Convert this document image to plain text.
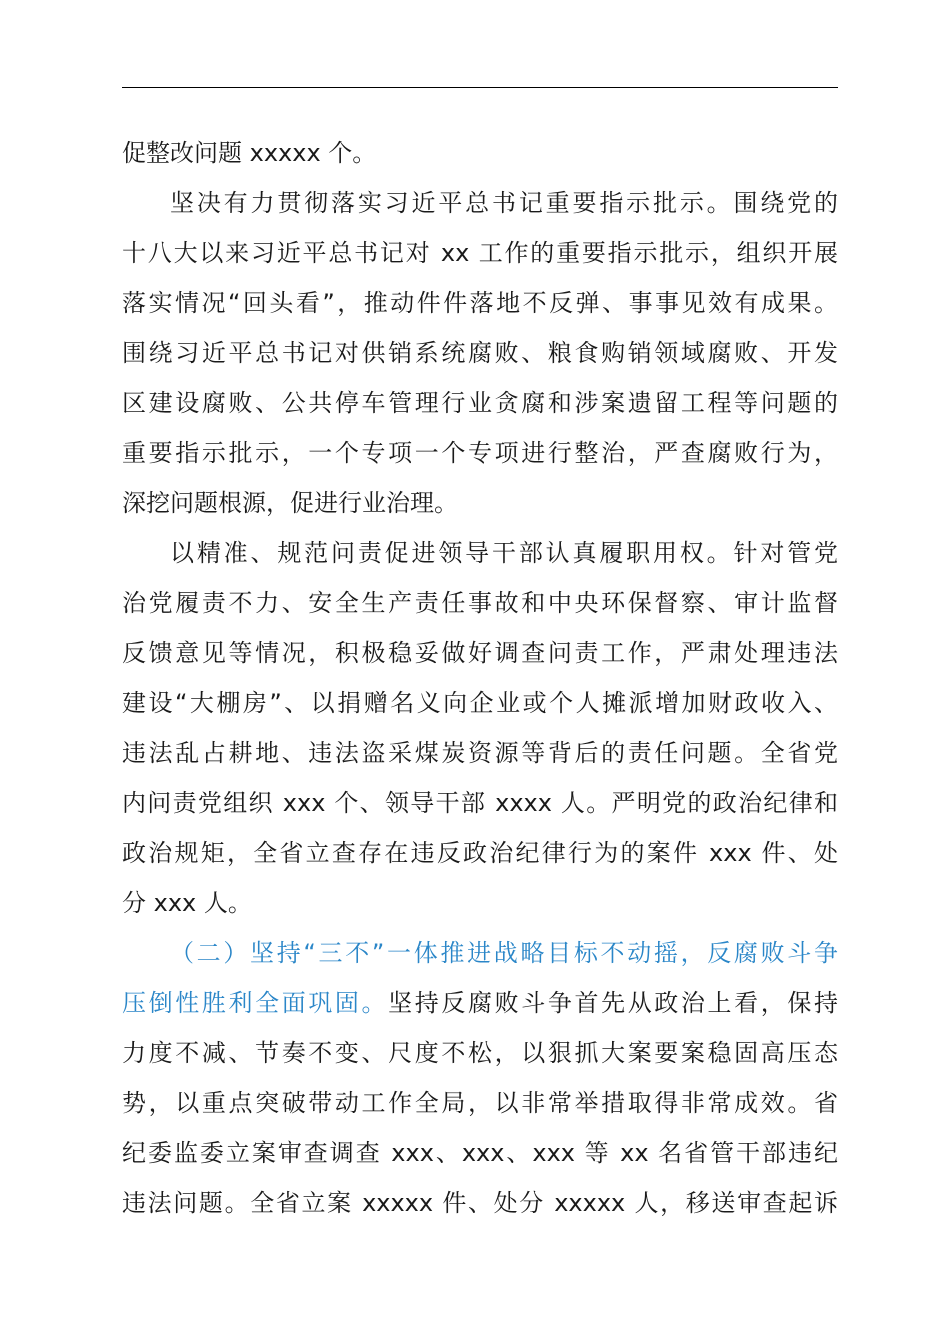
促整改问题 xxxxx 个。
坚决有力贯彻落实习近平总书记重要指示批示。围绕党的
十八大以来习近平总书记对 xx 工作的重要指示批示，组织开展
落实情况“回头看”，推动件件落地不反弹、事事见效有成果。
围绕习近平总书记对供销系统腐败、粮食购销领域腐败、开发
区建设腐败、公共停车管理行业贪腐和涉案遗留工程等问题的
重要指示批示，一个专项一个专项进行整治，严查腐败行为，
深挖问题根源，促进行业治理。
以精准、规范问责促进领导干部认真履职用权。针对管党
治党履责不力、安全生产责任事故和中央环保督察、审计监督
反馈意见等情况，积极稳妥做好调查问责工作，严肃处理违法
建设“大棚房”、以捐赠名义向企业或个人摊派增加财政收入、
违法乱占耕地、违法盗采煤炭资源等背后的责任问题。全省党
内问责党组织 xxx 个、领导干部 xxxx 人。严明党的政治纪律和
政治规矩，全省立查存在违反政治纪律行为的案件 xxx 件、处
分 xxx 人。
（二）坚持“三不”一体推进战略目标不动摇，反腐败斗争
压倒性胜利全面巩固。坚持反腐败斗争首先从政治上看，保持
力度不减、节奏不变、尺度不松，以狠抓大案要案稳固高压态
势，以重点突破带动工作全局，以非常举措取得非常成效。省
纪委监委立案审查调查 xxx、xxx、xxx 等 xx 名省管干部违纪
违法问题。全省立案 xxxxx 件、处分 xxxxx 人，移送审查起诉
